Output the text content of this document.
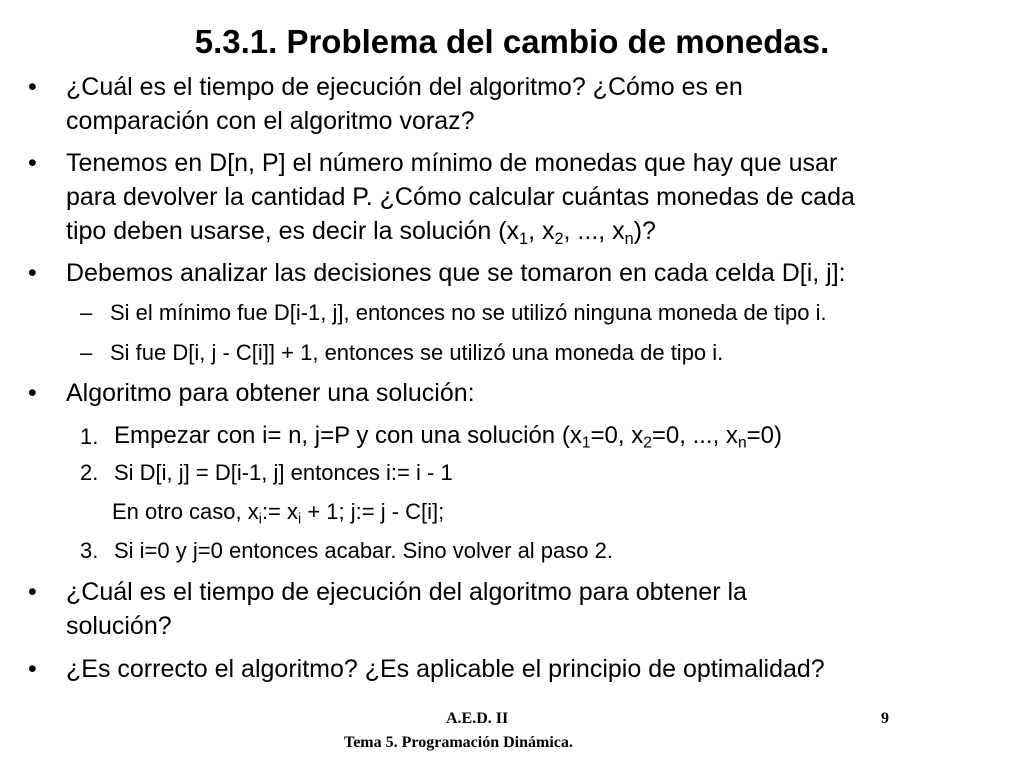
5.3.1. Problema del cambio de monedas.
• ¿Cuál es el tiempo de ejecución del algoritmo? ¿Cómo es en
comparación con el algoritmo voraz?
• Tenemos en D[n, P] el número mínimo de monedas que hay que usar
para devolver la cantidad P. ¿Cómo calcular cuántas monedas de cada
tipo deben usarse, es decir la solución ($x_1$, $x_2$, ..., $x_n$)?
• Debemos analizar las decisiones que se tomaron en cada celda D[i, j]:
– Si el mínimo fue D[i-1, j], entonces no se utilizó ninguna moneda de tipo i.
– Si fue D[i, j - C[i]] + 1, entonces se utilizó una moneda de tipo i.
• Algoritmo para obtener una solución:
1. Empezar con i= n, j=P y con una solución ($x_1=0$, $x_2=0$, ..., $x_n=0$)
2. Si D[i, j] = D[i-1, j] entonces i:= i - 1
En otro caso, $x_i:= x_i + 1$; j:= j - C[i];
3. Si i=0 y j=0 entonces acabar. Sino volver al paso 2.
• ¿Cuál es el tiempo de ejecución del algoritmo para obtener la
solución?
• ¿Es correcto el algoritmo? ¿Es aplicable el principio de optimalidad?
A.E.D. II
Tema 5. Programación Dinámica.
9
